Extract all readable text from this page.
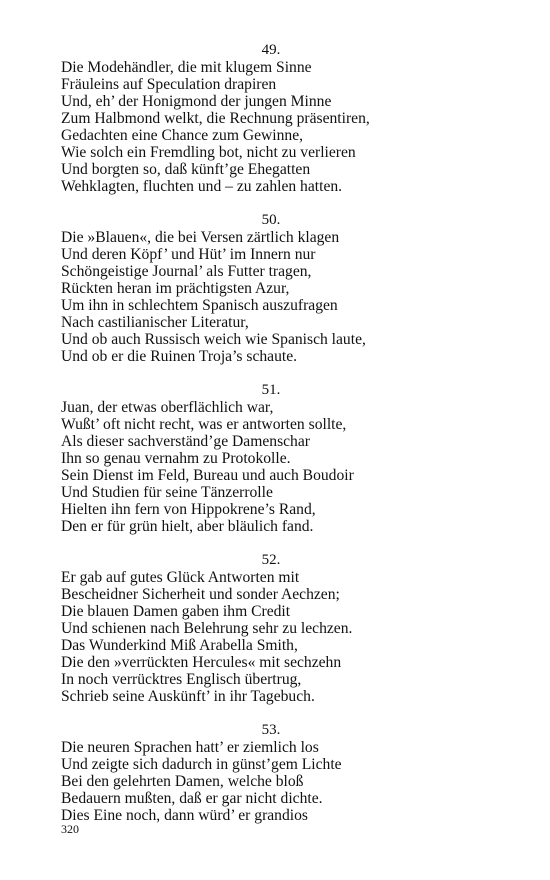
49.
Die Modehändler, die mit klugem Sinne
Fräuleins auf Speculation drapiren
Und, eh’ der Honigmond der jungen Minne
Zum Halbmond welkt, die Rechnung präsentiren,
Gedachten eine Chance zum Gewinne,
Wie solch ein Fremdling bot, nicht zu verlieren
Und borgten so, daß künft’ge Ehegatten
Wehklagten, fluchten und – zu zahlen hatten.
50.
Die »Blauen«, die bei Versen zärtlich klagen
Und deren Köpf’ und Hüt’ im Innern nur
Schöngeistige Journal’ als Futter tragen,
Rückten heran im prächtigsten Azur,
Um ihn in schlechtem Spanisch auszufragen
Nach castilianischer Literatur,
Und ob auch Russisch weich wie Spanisch laute,
Und ob er die Ruinen Troja’s schaute.
51.
Juan, der etwas oberflächlich war,
Wußt’ oft nicht recht, was er antworten sollte,
Als dieser sachverständ’ge Damenschar
Ihn so genau vernahm zu Protokolle.
Sein Dienst im Feld, Bureau und auch Boudoir
Und Studien für seine Tänzerrolle
Hielten ihn fern von Hippokrene’s Rand,
Den er für grün hielt, aber bläulich fand.
52.
Er gab auf gutes Glück Antworten mit
Bescheidner Sicherheit und sonder Aechzen;
Die blauen Damen gaben ihm Credit
Und schienen nach Belehrung sehr zu lechzen.
Das Wunderkind Miß Arabella Smith,
Die den »verrückten Hercules« mit sechzehn
In noch verrücktres Englisch übertrug,
Schrieb seine Auskünft’ in ihr Tagebuch.
53.
Die neuren Sprachen hatt’ er ziemlich los
Und zeigte sich dadurch in günst’gem Lichte
Bei den gelehrten Damen, welche bloß
Bedauern mußten, daß er gar nicht dichte.
Dies Eine noch, dann würd’ er grandios
320
